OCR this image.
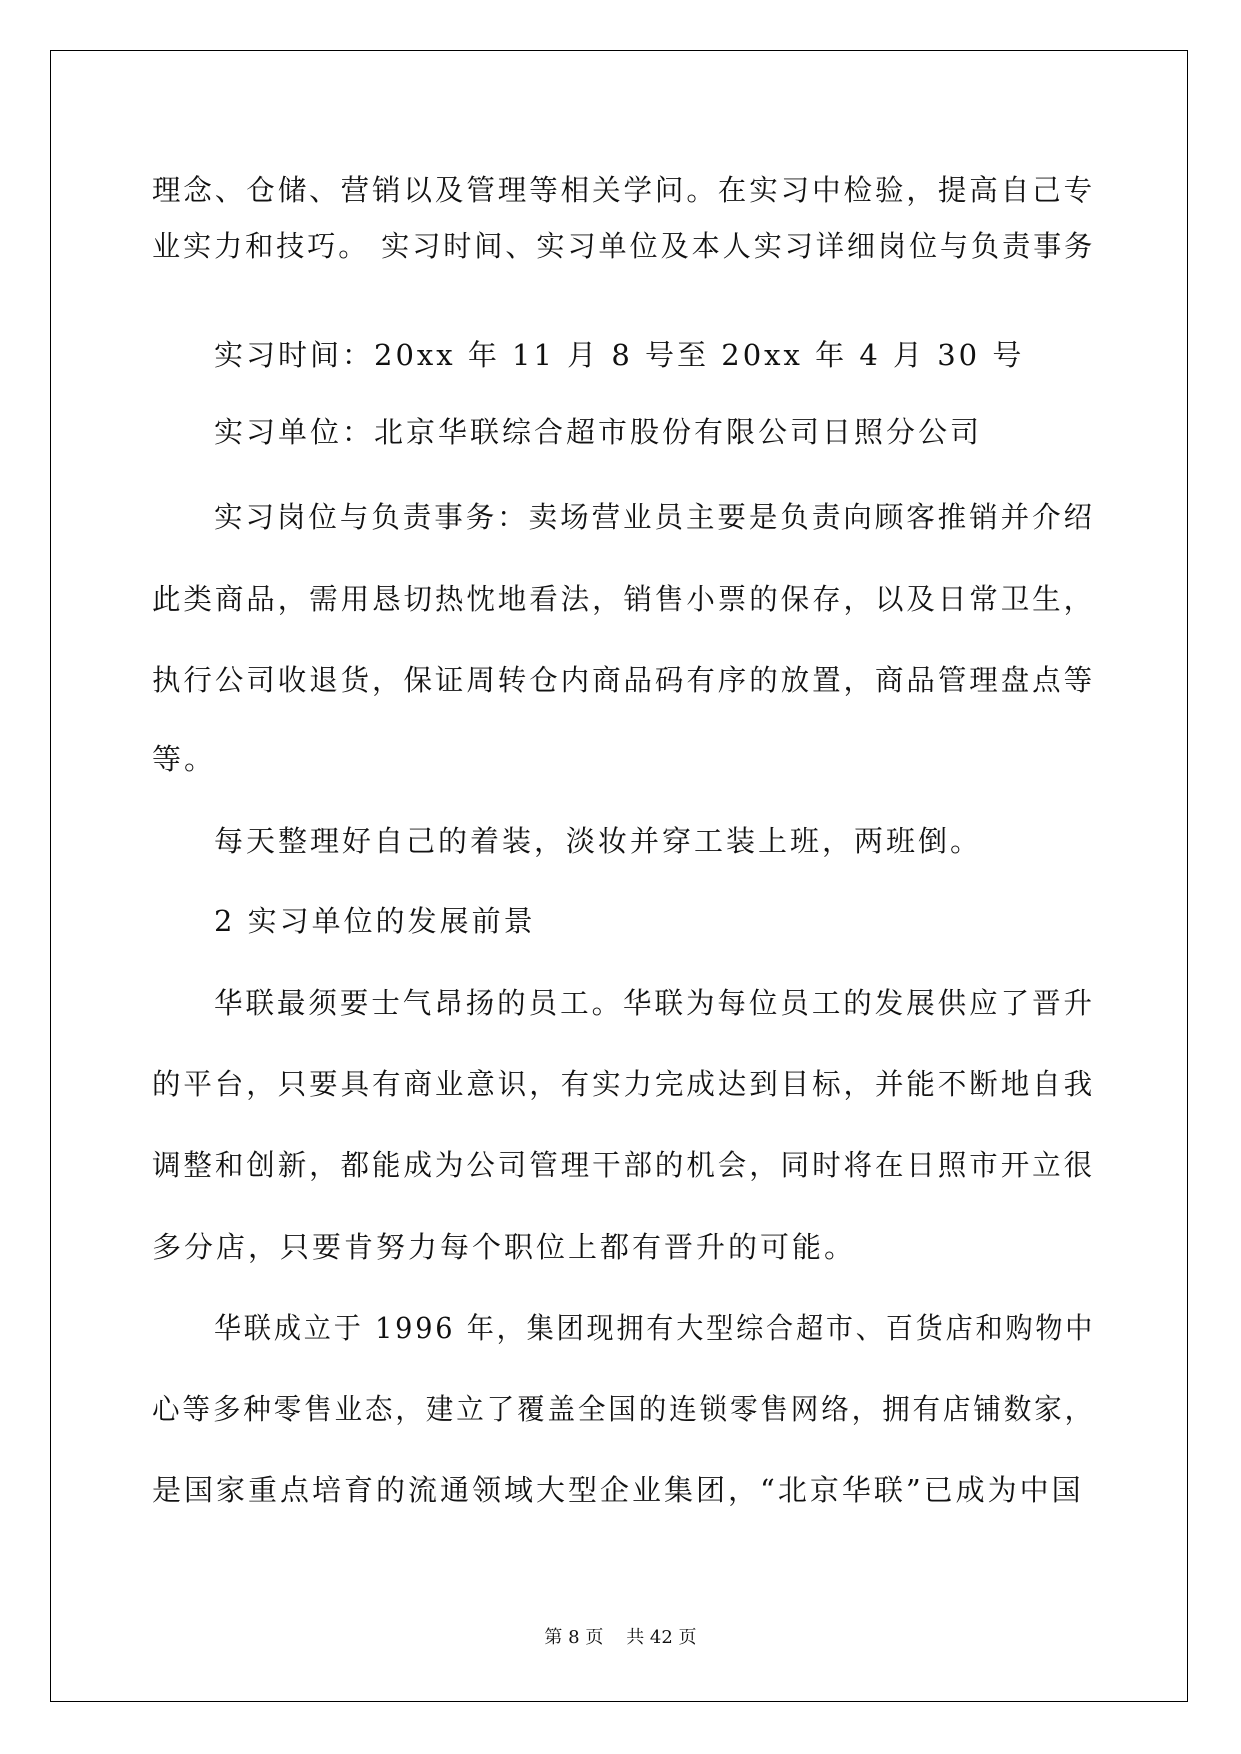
理念、仓储、营销以及管理等相关学问。在实习中检验，提高自己专
业实力和技巧。 实习时间、实习单位及本人实习详细岗位与负责事务
实习时间：20xx 年 11 月 8 号至 20xx 年 4 月 30 号
实习单位：北京华联综合超市股份有限公司日照分公司
实习岗位与负责事务：卖场营业员主要是负责向顾客推销并介绍
此类商品，需用恳切热忱地看法，销售小票的保存，以及日常卫生，
执行公司收退货，保证周转仓内商品码有序的放置，商品管理盘点等
等。
每天整理好自己的着装，淡妆并穿工装上班，两班倒。
2 实习单位的发展前景
华联最须要士气昂扬的员工。华联为每位员工的发展供应了晋升
的平台，只要具有商业意识，有实力完成达到目标，并能不断地自我
调整和创新，都能成为公司管理干部的机会，同时将在日照市开立很
多分店，只要肯努力每个职位上都有晋升的可能。
华联成立于 1996 年，集团现拥有大型综合超市、百货店和购物中
心等多种零售业态，建立了覆盖全国的连锁零售网络，拥有店铺数家，
是国家重点培育的流通领域大型企业集团，“北京华联”已成为中国
第 8 页    共 42 页
